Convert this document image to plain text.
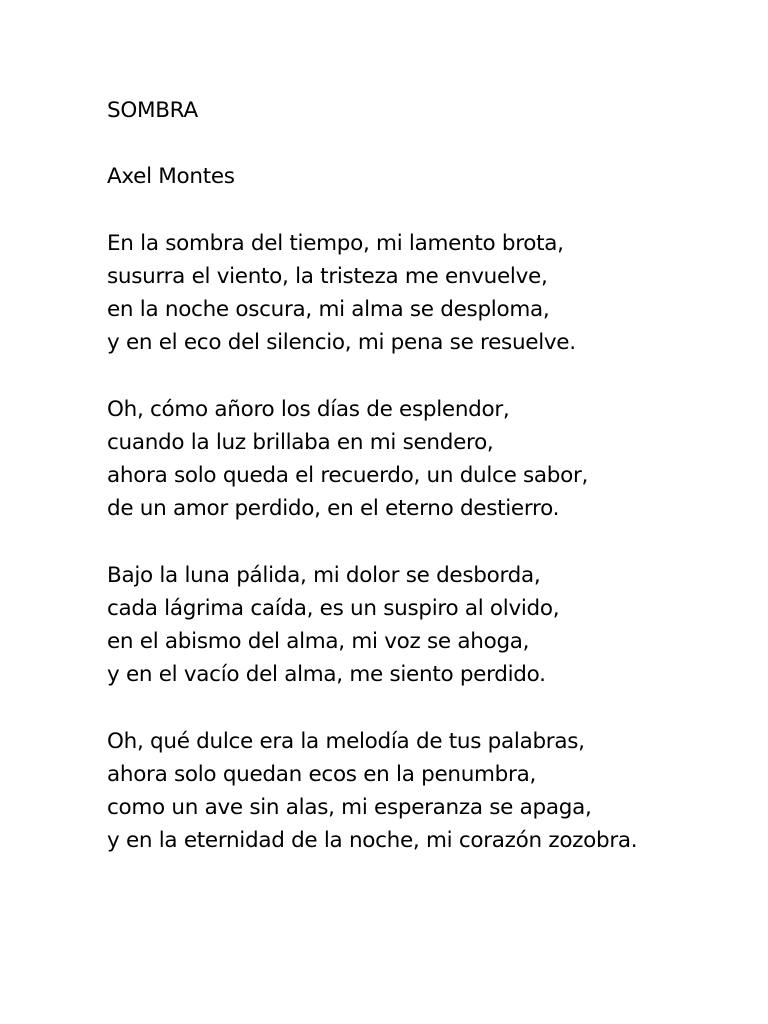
SOMBRA
Axel Montes
En la sombra del tiempo, mi lamento brota,
susurra el viento, la tristeza me envuelve,
en la noche oscura, mi alma se desploma,
y en el eco del silencio, mi pena se resuelve.
Oh, cómo añoro los días de esplendor,
cuando la luz brillaba en mi sendero,
ahora solo queda el recuerdo, un dulce sabor,
de un amor perdido, en el eterno destierro.
Bajo la luna pálida, mi dolor se desborda,
cada lágrima caída, es un suspiro al olvido,
en el abismo del alma, mi voz se ahoga,
y en el vacío del alma, me siento perdido.
Oh, qué dulce era la melodía de tus palabras,
ahora solo quedan ecos en la penumbra,
como un ave sin alas, mi esperanza se apaga,
y en la eternidad de la noche, mi corazón zozobra.
